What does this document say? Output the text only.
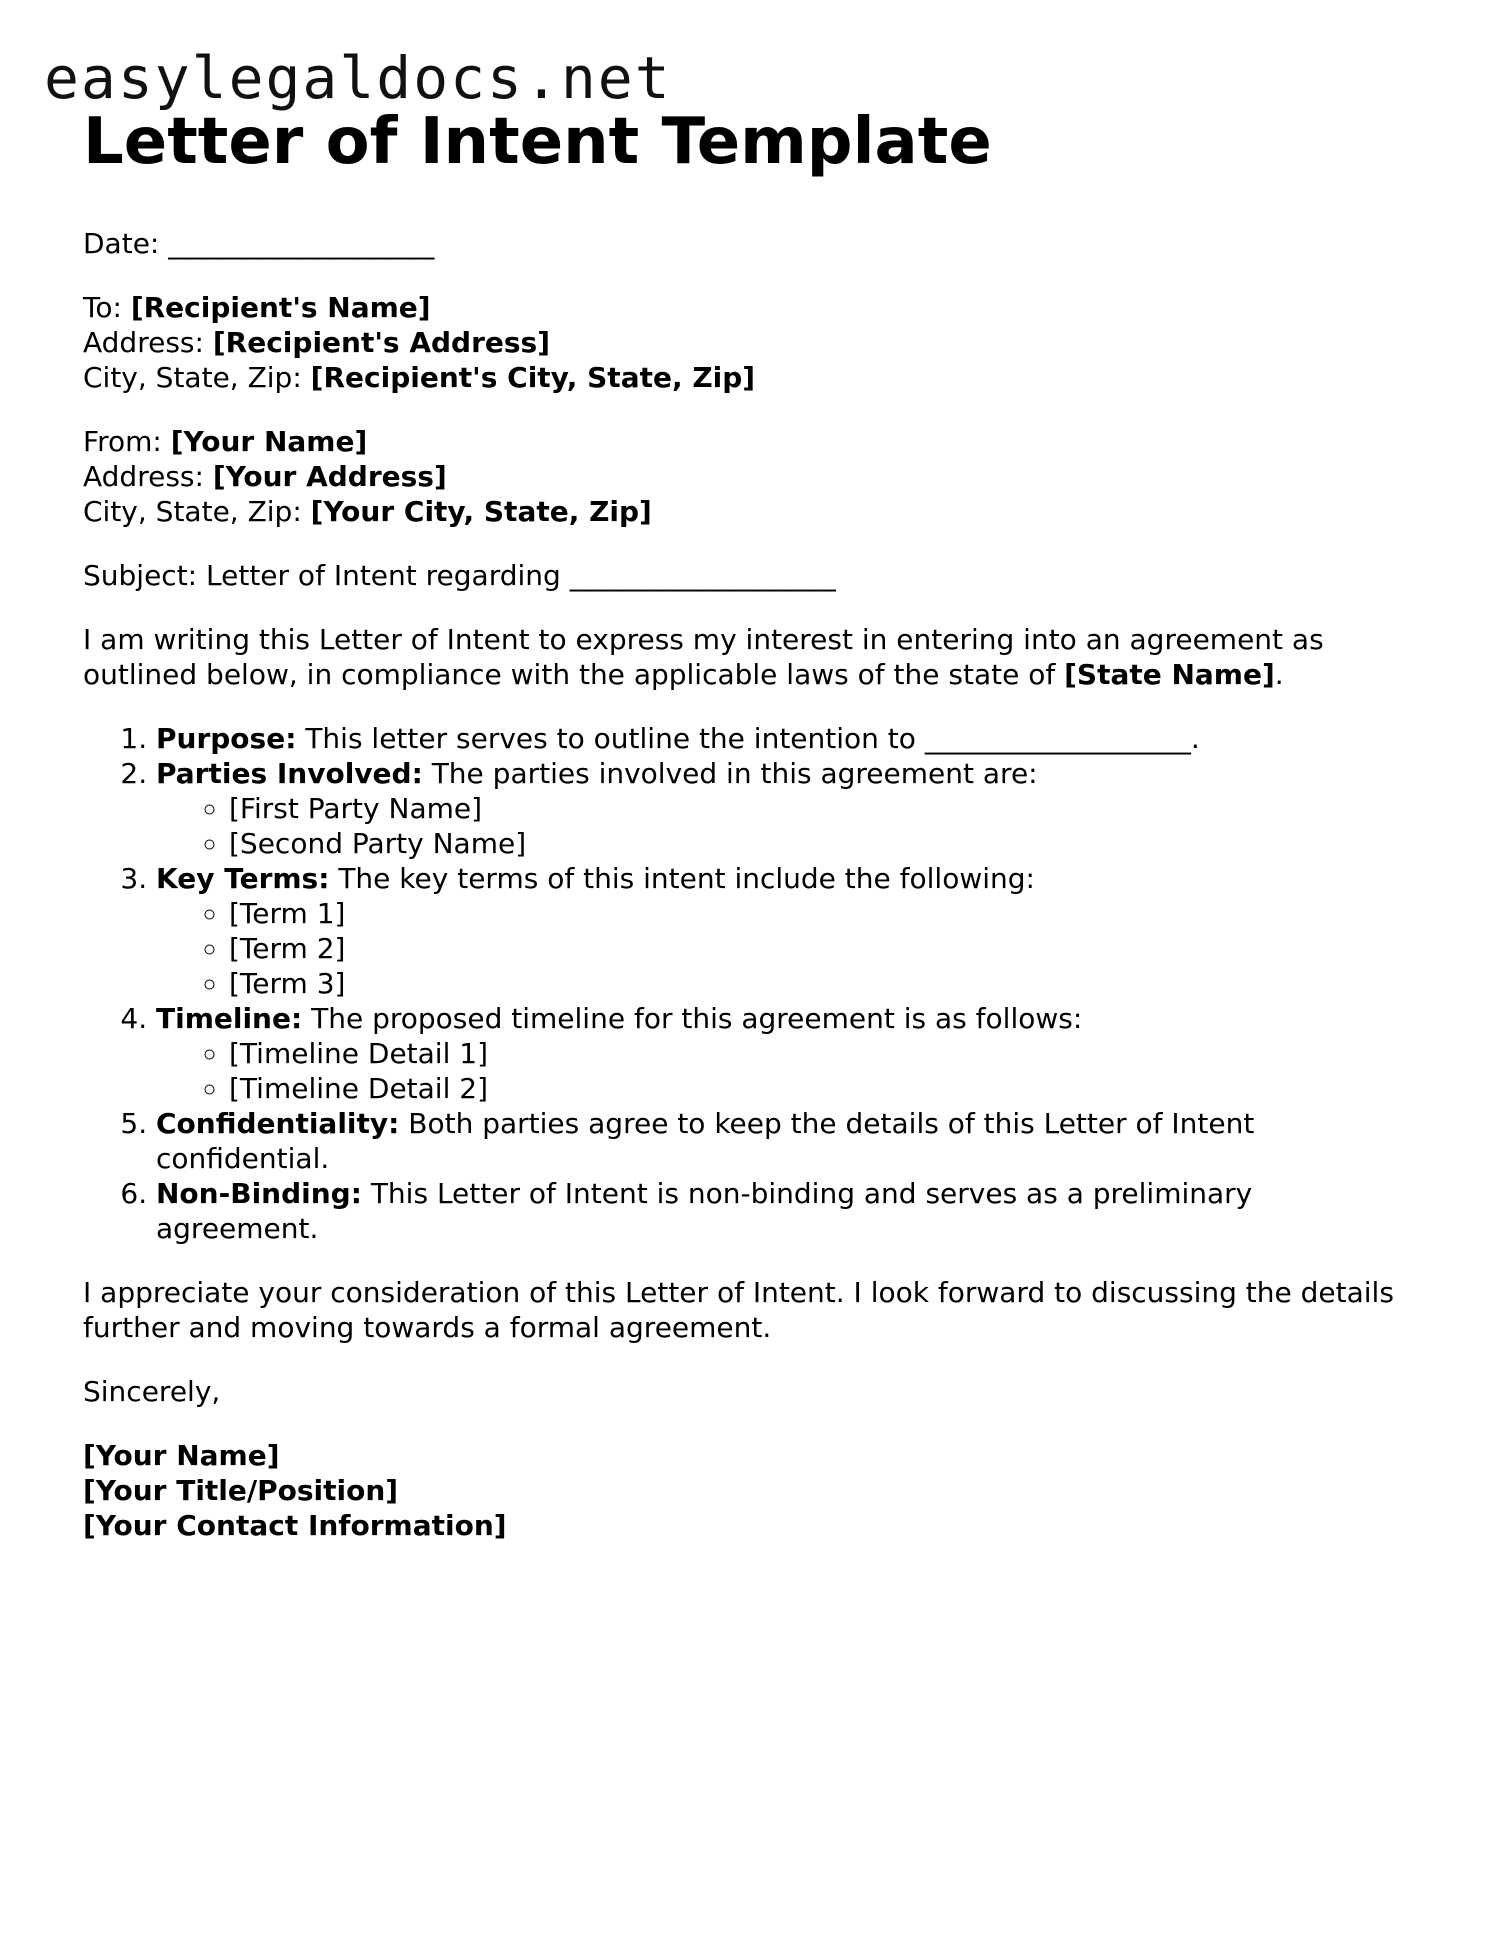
easylegaldocs.net
Letter of Intent Template

Date: ___________________

To: [Recipient's Name]
Address: [Recipient's Address]
City, State, Zip: [Recipient's City, State, Zip]

From: [Your Name]
Address: [Your Address]
City, State, Zip: [Your City, State, Zip]

Subject: Letter of Intent regarding ___________________

I am writing this Letter of Intent to express my interest in entering into an agreement as outlined below, in compliance with the applicable laws of the state of [State Name].

1. Purpose: This letter serves to outline the intention to ___________________.
2. Parties Involved: The parties involved in this agreement are:
◦ [First Party Name]
◦ [Second Party Name]
3. Key Terms: The key terms of this intent include the following:
◦ [Term 1]
◦ [Term 2]
◦ [Term 3]
4. Timeline: The proposed timeline for this agreement is as follows:
◦ [Timeline Detail 1]
◦ [Timeline Detail 2]
5. Confidentiality: Both parties agree to keep the details of this Letter of Intent confidential.
6. Non-Binding: This Letter of Intent is non-binding and serves as a preliminary agreement.

I appreciate your consideration of this Letter of Intent. I look forward to discussing the details further and moving towards a formal agreement.

Sincerely,

[Your Name]
[Your Title/Position]
[Your Contact Information]
